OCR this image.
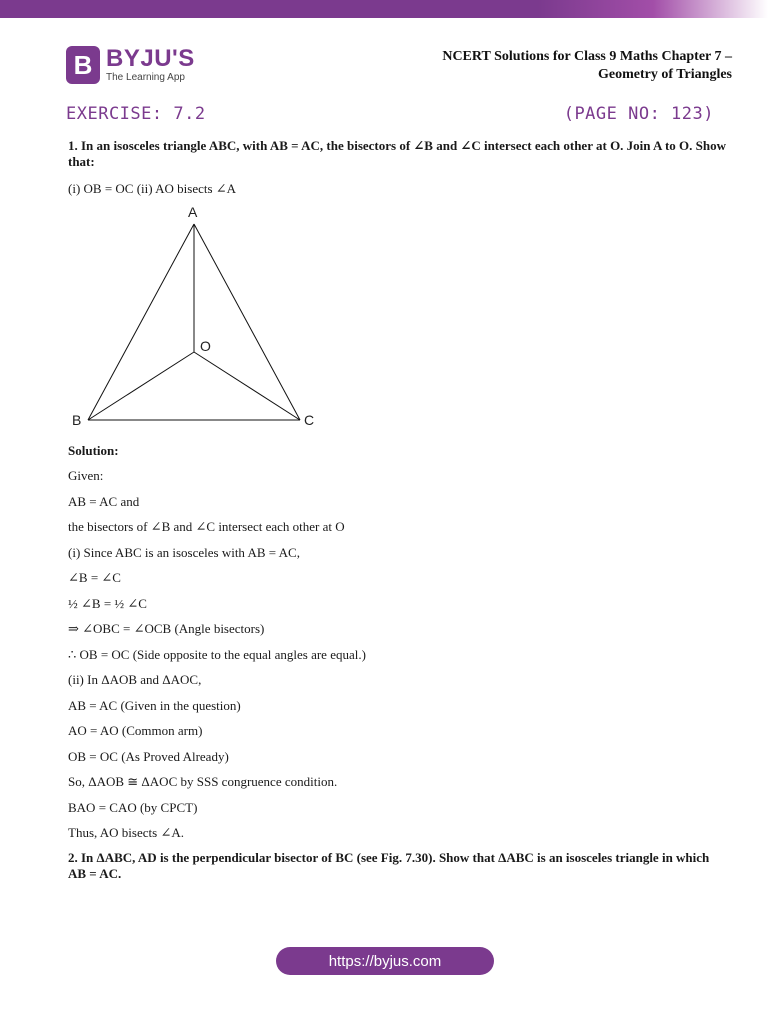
B BYJU'S
The Learning App
NCERT Solutions for Class 9 Maths Chapter 7 –
Geometry of Triangles
EXERCISE: 7.2	(PAGE NO: 123)
1. In an isosceles triangle ABC, with AB = AC, the bisectors of ∠B and ∠C intersect each other at O. Join A to O. Show that:
(i) OB = OC (ii) AO bisects ∠A
A
O
B	C
Solution:
Given:
AB = AC and
the bisectors of ∠B and ∠C intersect each other at O
(i) Since ABC is an isosceles with AB = AC,
∠B = ∠C
½ ∠B = ½ ∠C
⇒ ∠OBC = ∠OCB (Angle bisectors)
∴ OB = OC (Side opposite to the equal angles are equal.)
(ii) In ΔAOB and ΔAOC,
AB = AC (Given in the question)
AO = AO (Common arm)
OB = OC (As Proved Already)
So, ΔAOB ≅ ΔAOC by SSS congruence condition.
BAO = CAO (by CPCT)
Thus, AO bisects ∠A.
2. In ΔABC, AD is the perpendicular bisector of BC (see Fig. 7.30). Show that ΔABC is an isosceles triangle in which AB = AC.
https://byjus.com
